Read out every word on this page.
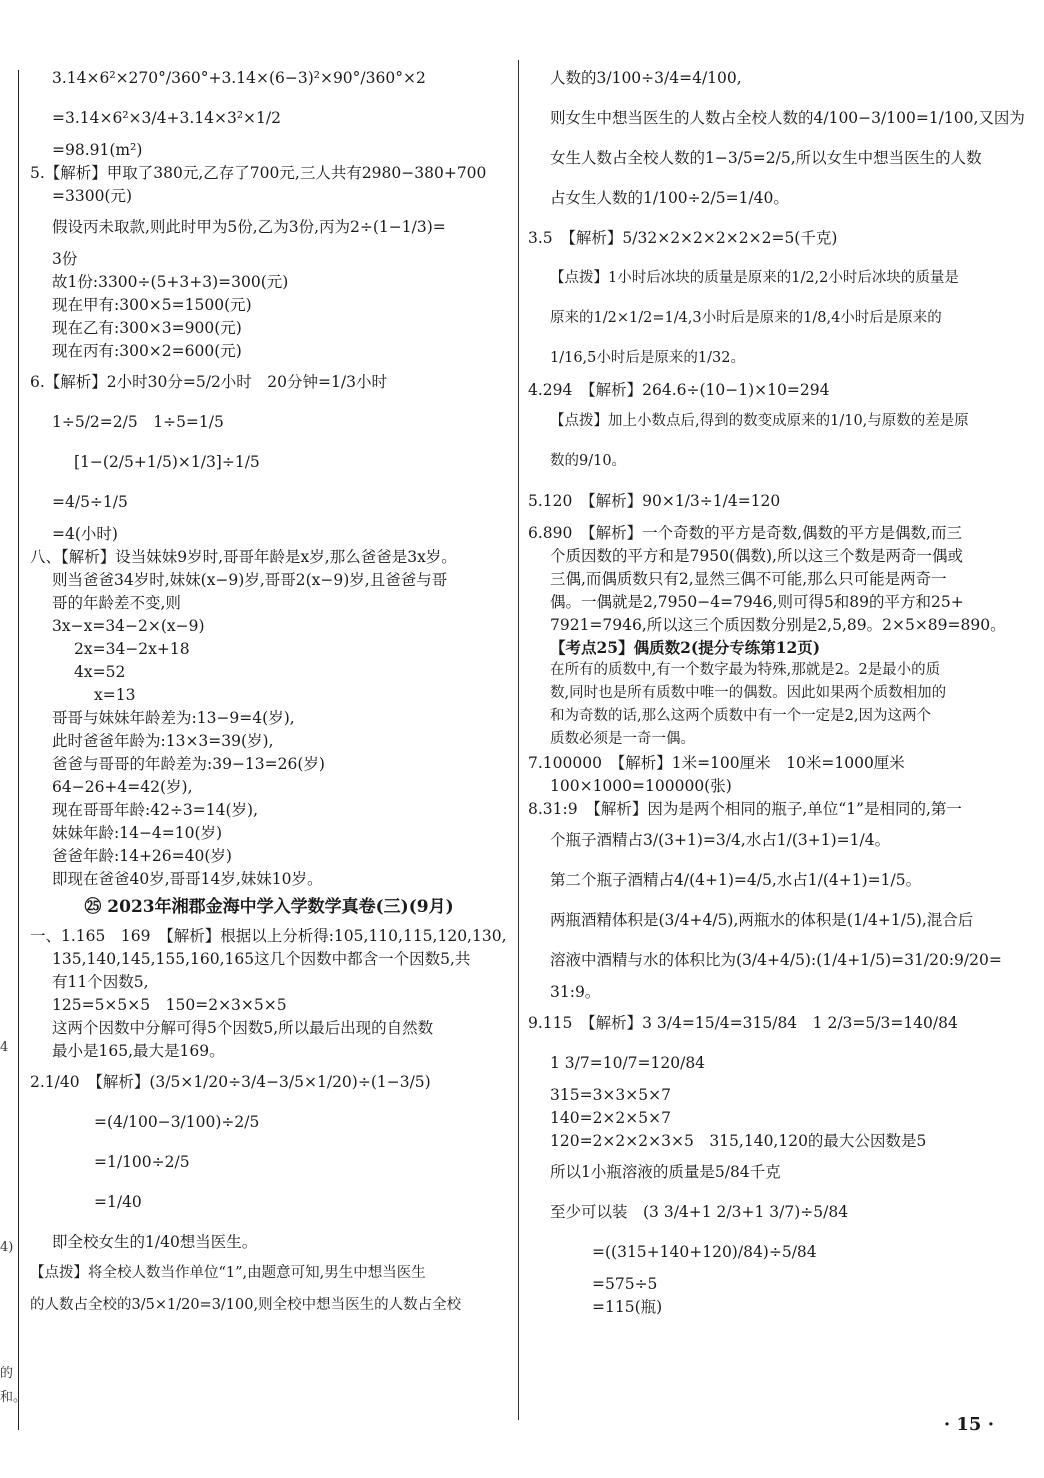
4
4)
的
和。

3.14×6²×270°/360°+3.14×(6−3)²×90°/360°×2

=3.14×6²×3/4+3.14×3²×1/2

=98.91(m²)

5.【解析】甲取了380元,乙存了700元,三人共有2980−380+700

=3300(元)

假设丙未取款,则此时甲为5份,乙为3份,丙为2÷(1−1/3)=

3份

故1份:3300÷(5+3+3)=300(元)

现在甲有:300×5=1500(元)

现在乙有:300×3=900(元)

现在丙有:300×2=600(元)

6.【解析】2小时30分=5/2小时　20分钟=1/3小时

1÷5/2=2/5　1÷5=1/5

[1−(2/5+1/5)×1/3]÷1/5

=4/5÷1/5

=4(小时)

八、【解析】设当妹妹9岁时,哥哥年龄是x岁,那么爸爸是3x岁。

则当爸爸34岁时,妹妹(x−9)岁,哥哥2(x−9)岁,且爸爸与哥

哥的年龄差不变,则

3x−x=34−2×(x−9)

2x=34−2x+18

4x=52

x=13

哥哥与妹妹年龄差为:13−9=4(岁),

此时爸爸年龄为:13×3=39(岁),

爸爸与哥哥的年龄差为:39−13=26(岁)

64−26+4=42(岁),

现在哥哥年龄:42÷3=14(岁),

妹妹年龄:14−4=10(岁)

爸爸年龄:14+26=40(岁)

即现在爸爸40岁,哥哥14岁,妹妹10岁。

㉕ 2023年湘郡金海中学入学数学真卷(三)(9月)

一、1.165　169　【解析】根据以上分析得:105,110,115,120,130,

135,140,145,155,160,165这几个因数中都含一个因数5,共

有11个因数5,

125=5×5×5　150=2×3×5×5

这两个因数中分解可得5个因数5,所以最后出现的自然数

最小是165,最大是169。

2.1/40　【解析】(3/5×1/20÷3/4−3/5×1/20)÷(1−3/5)

=(4/100−3/100)÷2/5

=1/100÷2/5

=1/40

即全校女生的1/40想当医生。

【点拨】将全校人数当作单位“1”,由题意可知,男生中想当医生

的人数占全校的3/5×1/20=3/100,则全校中想当医生的人数占全校

人数的3/100÷3/4=4/100,

则女生中想当医生的人数占全校人数的4/100−3/100=1/100,又因为

女生人数占全校人数的1−3/5=2/5,所以女生中想当医生的人数

占女生人数的1/100÷2/5=1/40。

3.5　【解析】5/32×2×2×2×2×2=5(千克)

【点拨】1小时后冰块的质量是原来的1/2,2小时后冰块的质量是

原来的1/2×1/2=1/4,3小时后是原来的1/8,4小时后是原来的

1/16,5小时后是原来的1/32。

4.294　【解析】264.6÷(10−1)×10=294

【点拨】加上小数点后,得到的数变成原来的1/10,与原数的差是原

数的9/10。

5.120　【解析】90×1/3÷1/4=120

6.890　【解析】一个奇数的平方是奇数,偶数的平方是偶数,而三

个质因数的平方和是7950(偶数),所以这三个数是两奇一偶或

三偶,而偶质数只有2,显然三偶不可能,那么只可能是两奇一

偶。一偶就是2,7950−4=7946,则可得5和89的平方和25+

7921=7946,所以这三个质因数分别是2,5,89。2×5×89=890。

【考点25】偶质数2(提分专练第12页)

在所有的质数中,有一个数字最为特殊,那就是2。2是最小的质

数,同时也是所有质数中唯一的偶数。因此如果两个质数相加的

和为奇数的话,那么这两个质数中有一个一定是2,因为这两个

质数必须是一奇一偶。

7.100000　【解析】1米=100厘米　10米=1000厘米

100×1000=100000(张)

8.31:9　【解析】因为是两个相同的瓶子,单位“1”是相同的,第一

个瓶子酒精占3/(3+1)=3/4,水占1/(3+1)=1/4。

第二个瓶子酒精占4/(4+1)=4/5,水占1/(4+1)=1/5。

两瓶酒精体积是(3/4+4/5),两瓶水的体积是(1/4+1/5),混合后

溶液中酒精与水的体积比为(3/4+4/5):(1/4+1/5)=31/20:9/20=

31:9。

9.115　【解析】3 3/4=15/4=315/84　1 2/3=5/3=140/84

1 3/7=10/7=120/84

315=3×3×5×7

140=2×2×5×7

120=2×2×2×3×5　315,140,120的最大公因数是5

所以1小瓶溶液的质量是5/84千克

至少可以装　(3 3/4+1 2/3+1 3/7)÷5/84

=((315+140+120)/84)÷5/84

=575÷5

=115(瓶)

· 15 ·
